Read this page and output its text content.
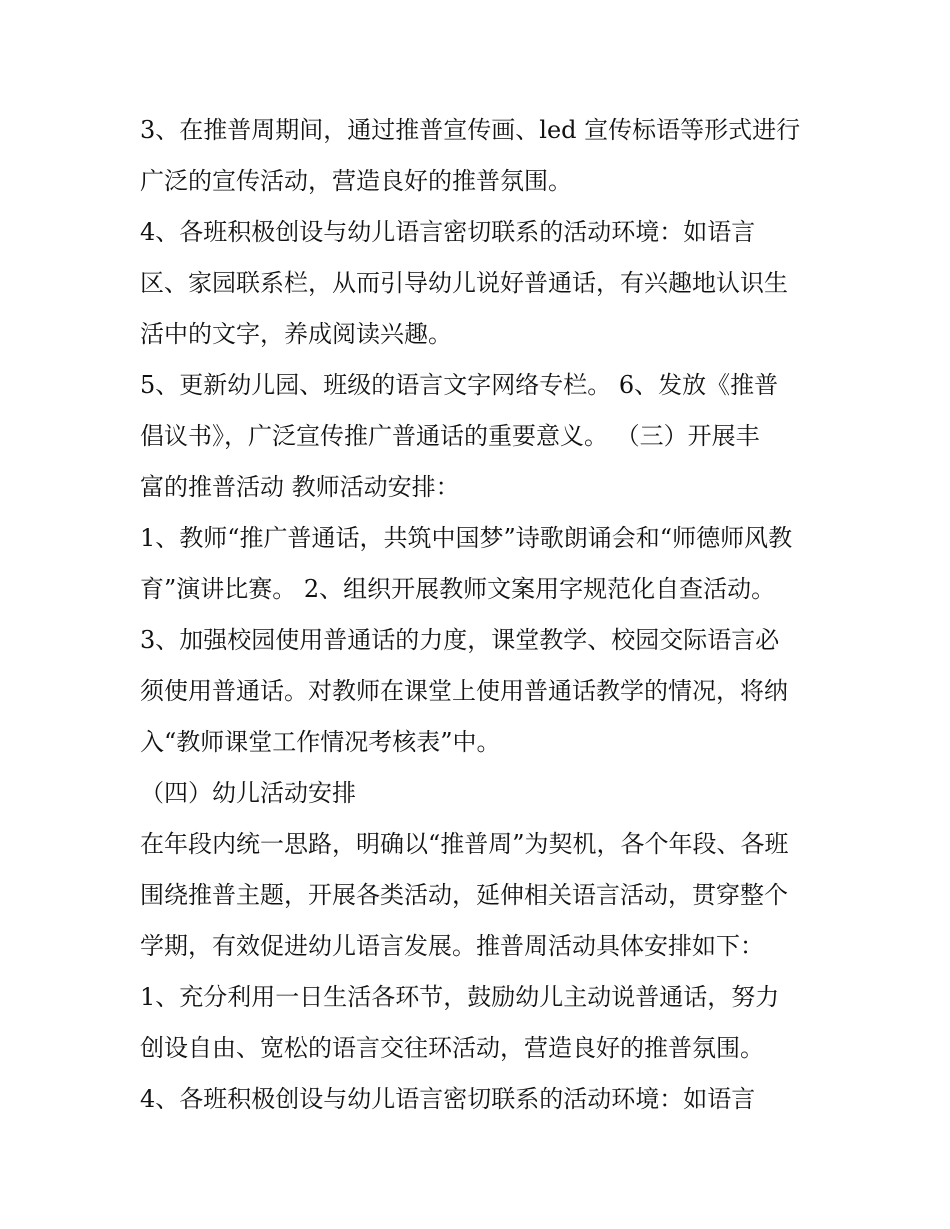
3、在推普周期间，通过推普宣传画、led 宣传标语等形式进行
广泛的宣传活动，营造良好的推普氛围。
4、各班积极创设与幼儿语言密切联系的活动环境：如语言
区、家园联系栏，从而引导幼儿说好普通话，有兴趣地认识生
活中的文字，养成阅读兴趣。
5、更新幼儿园、班级的语言文字网络专栏。 6、发放《推普
倡议书》，广泛宣传推广普通话的重要意义。 （三）开展丰
富的推普活动 教师活动安排：
1、教师“推广普通话，共筑中国梦”诗歌朗诵会和“师德师风教
育”演讲比赛。 2、组织开展教师文案用字规范化自查活动。
3、加强校园使用普通话的力度，课堂教学、校园交际语言必
须使用普通话。对教师在课堂上使用普通话教学的情况，将纳
入“教师课堂工作情况考核表”中。
（四）幼儿活动安排
在年段内统一思路，明确以“推普周”为契机，各个年段、各班
围绕推普主题，开展各类活动，延伸相关语言活动，贯穿整个
学期，有效促进幼儿语言发展。推普周活动具体安排如下：
1、充分利用一日生活各环节，鼓励幼儿主动说普通话，努力
创设自由、宽松的语言交往环活动，营造良好的推普氛围。
4、各班积极创设与幼儿语言密切联系的活动环境：如语言
